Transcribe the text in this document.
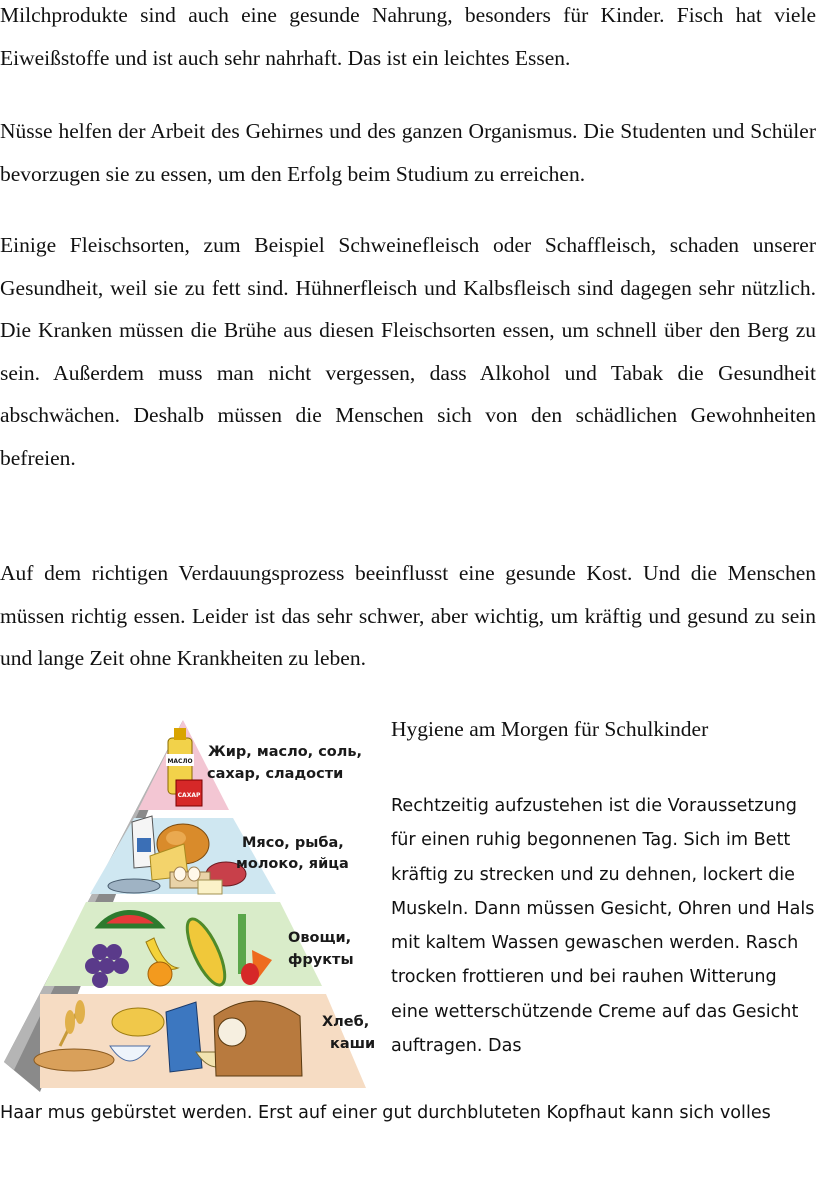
Milchprodukte sind auch eine gesunde Nahrung, besonders für Kinder. Fisch hat viele Eiweißstoffe und ist auch sehr nahrhaft. Das ist ein leichtes Essen.

Nüsse helfen der Arbeit des Gehirnes und des ganzen Organismus. Die Studenten und Schüler bevorzugen sie zu essen, um den Erfolg beim Studium zu erreichen.

Einige Fleischsorten, zum Beispiel Schweinefleisch oder Schaffleisch, schaden unserer Gesundheit, weil sie zu fett sind. Hühnerfleisch und Kalbsfleisch sind dagegen sehr nützlich. Die Kranken müssen die Brühe aus diesen Fleischsorten essen, um schnell über den Berg zu sein. Außerdem muss man nicht vergessen, dass Alkohol und Tabak die Gesundheit abschwächen. Deshalb müssen die Menschen sich von den schädlichen Gewohnheiten befreien.

Auf dem richtigen Verdauungsprozess beeinflusst eine gesunde Kost. Und die Menschen müssen richtig essen. Leider ist das sehr schwer, aber wichtig, um kräftig und gesund zu sein und lange Zeit ohne Krankheiten zu leben.

МАСЛО
САХАР
Жир, масло, соль,
сахар, сладости
Мясо, рыба,
молоко, яйца
Овощи,
фрукты
Хлеб,
каши

Hygiene am Morgen für Schulkinder

Rechtzeitig aufzustehen ist die Voraussetzung für einen ruhig begonnenen Tag. Sich im Bett kräftig zu strecken und zu dehnen, lockert die Muskeln. Dann müssen Gesicht, Ohren und Hals mit kaltem Wassen gewaschen werden. Rasch trocken frottieren und bei rauhen Witterung eine wetterschützende Creme auf das Gesicht auftragen. Das

Haar mus gebürstet werden. Erst auf einer gut durchbluteten Kopfhaut kann sich volles
